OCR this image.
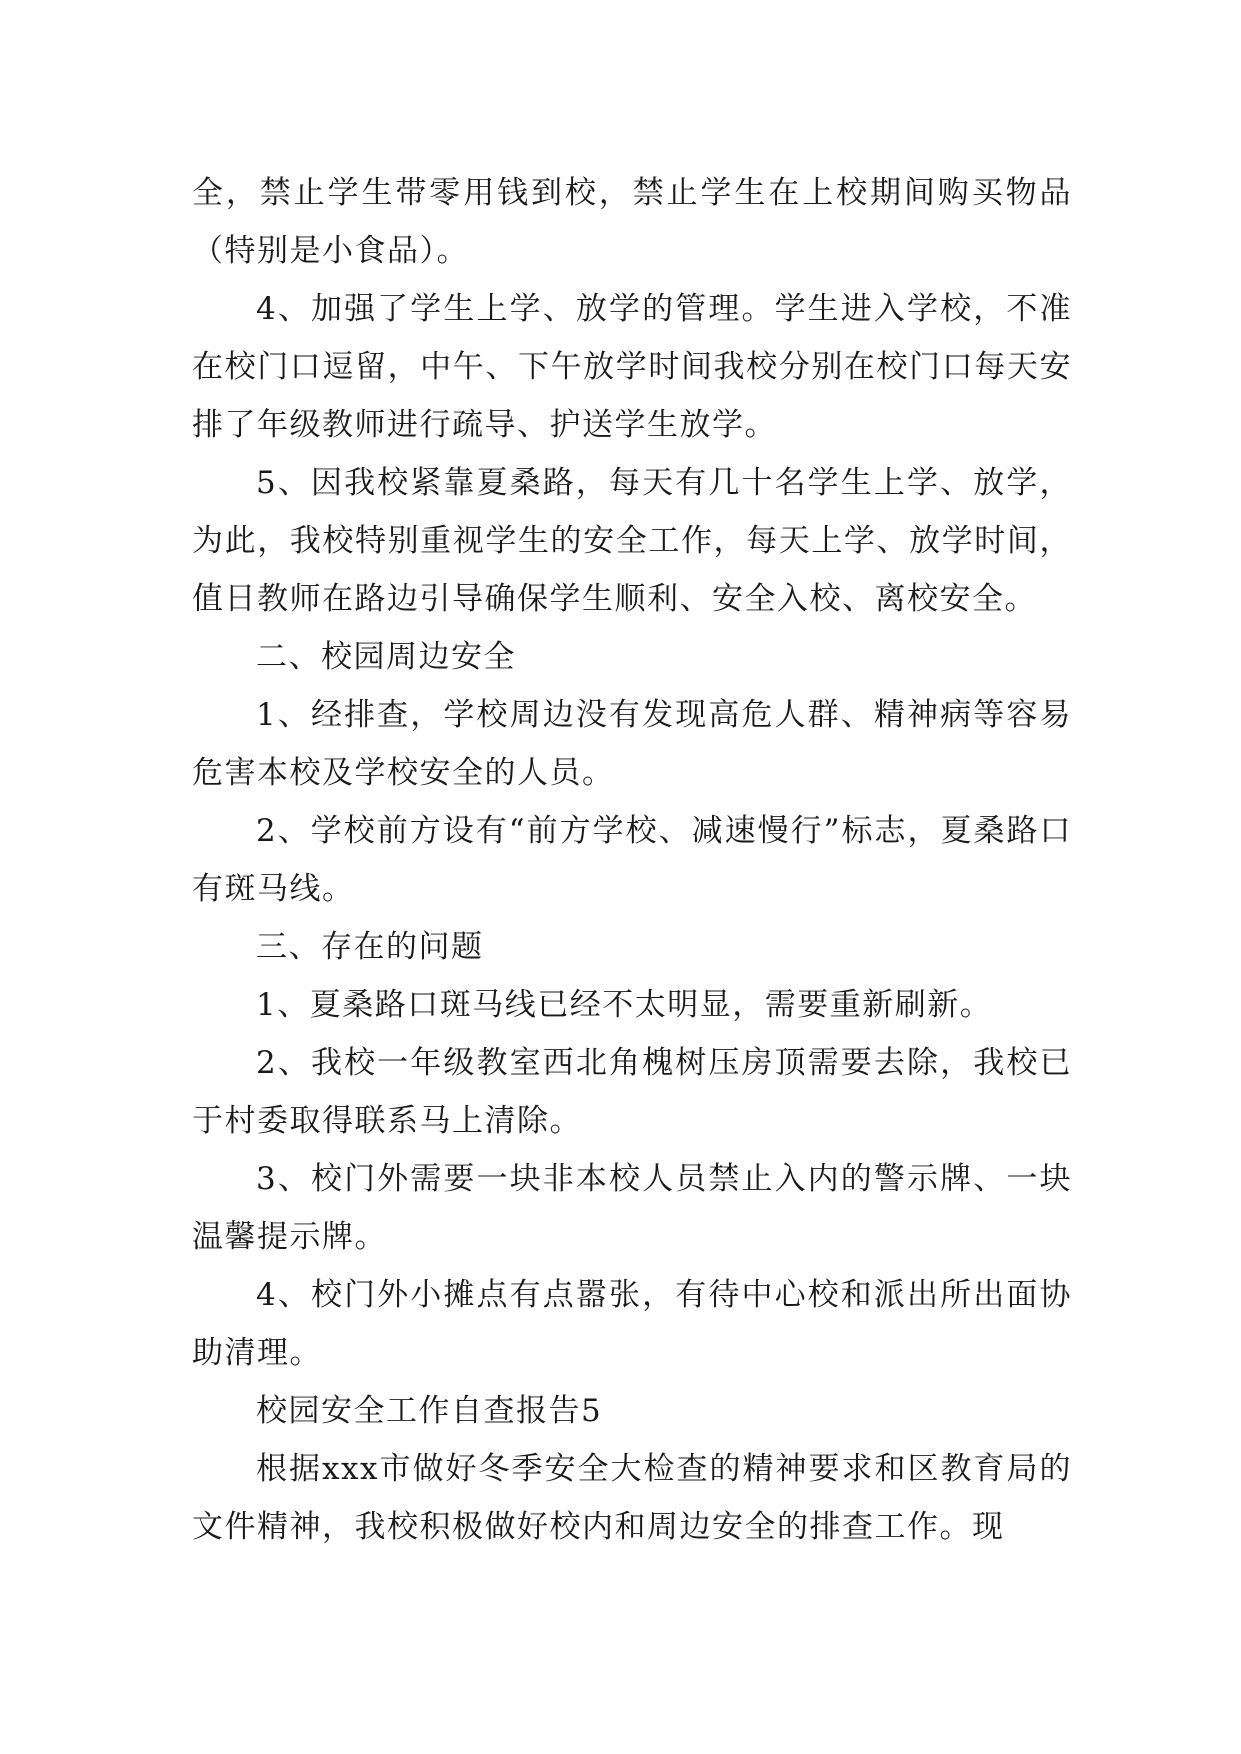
全，禁止学生带零用钱到校，禁止学生在上校期间购买物品（特别是小食品）。

4、加强了学生上学、放学的管理。学生进入学校，不准在校门口逗留，中午、下午放学时间我校分别在校门口每天安排了年级教师进行疏导、护送学生放学。

5、因我校紧靠夏桑路，每天有几十名学生上学、放学，为此，我校特别重视学生的安全工作，每天上学、放学时间，值日教师在路边引导确保学生顺利、安全入校、离校安全。

二、校园周边安全

1、经排查，学校周边没有发现高危人群、精神病等容易危害本校及学校安全的人员。

2、学校前方设有“前方学校、减速慢行”标志，夏桑路口有斑马线。

三、存在的问题

1、夏桑路口斑马线已经不太明显，需要重新刷新。

2、我校一年级教室西北角槐树压房顶需要去除，我校已于村委取得联系马上清除。

3、校门外需要一块非本校人员禁止入内的警示牌、一块温馨提示牌。

4、校门外小摊点有点嚣张，有待中心校和派出所出面协助清理。

校园安全工作自查报告5

根据xxx市做好冬季安全大检查的精神要求和区教育局的文件精神，我校积极做好校内和周边安全的排查工作。现
